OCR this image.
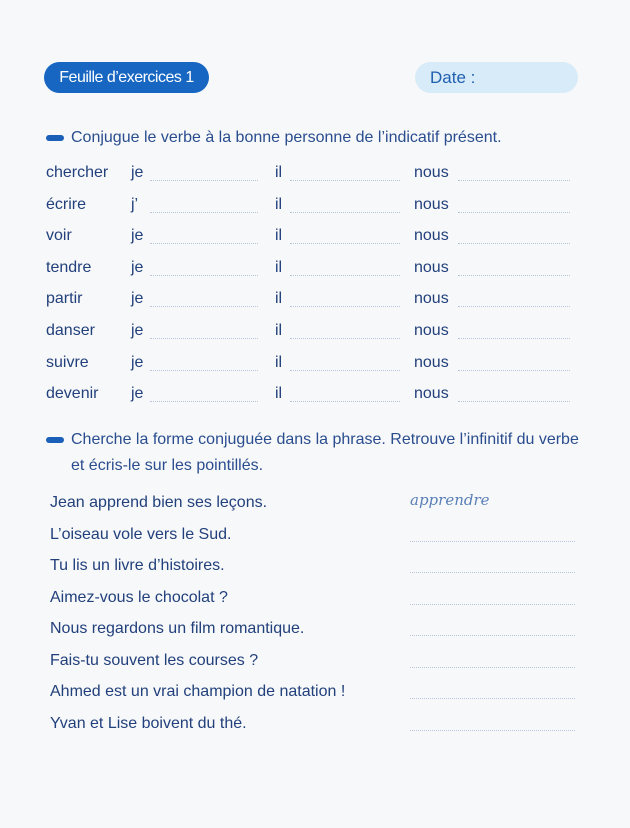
Feuille d’exercices 1	Date :
Conjugue le verbe à la bonne personne de l’indicatif présent.
chercher je	il	nous
écrire	j’	il	nous
voir	je	il	nous
tendre je	il	nous
partir	je	il	nous
danser je	il	nous
suivre	je	il	nous
devenir je	il	nous
Cherche la forme conjuguée dans la phrase. Retrouve l’infinitif du verbe et écris-le sur les pointillés.
Jean apprend bien ses leçons.	apprendre
L’oiseau vole vers le Sud.
Tu lis un livre d’histoires.
Aimez-vous le chocolat ?
Nous regardons un film romantique.
Fais-tu souvent les courses ?
Ahmed est un vrai champion de natation !
Yvan et Lise boivent du thé.
